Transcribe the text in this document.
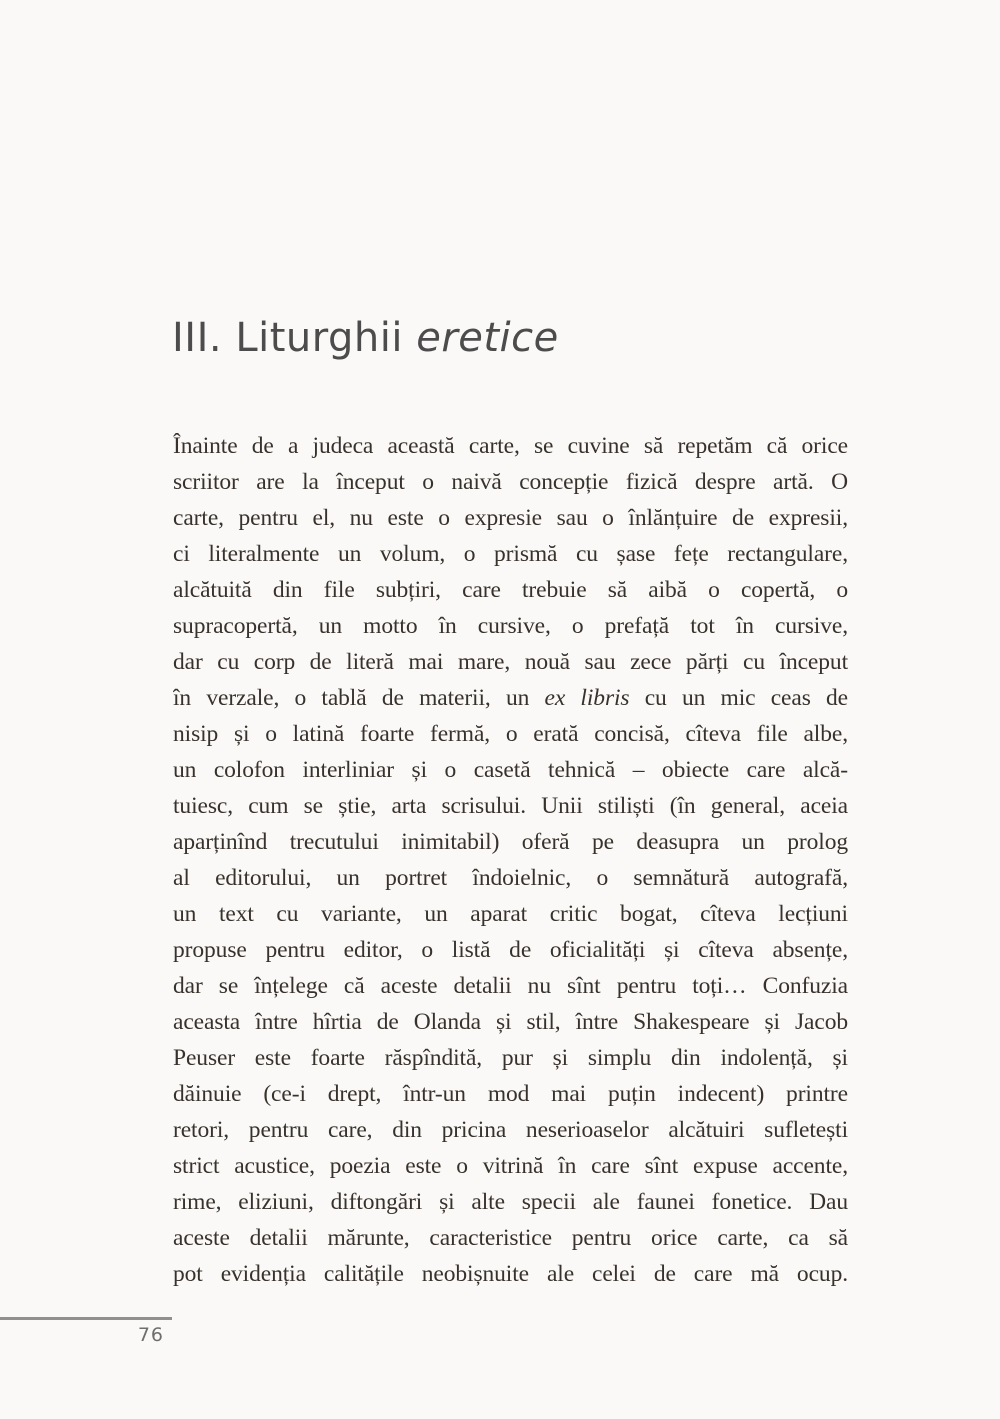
III. Liturghii eretice
Înainte de a judeca această carte, se cuvine să repetăm că orice
scriitor are la început o naivă concepție fizică despre artă. O
carte, pentru el, nu este o expresie sau o înlănțuire de expresii,
ci literalmente un volum, o prismă cu șase fețe rectangulare,
alcătuită din file subțiri, care trebuie să aibă o copertă, o
supracopertă, un motto în cursive, o prefață tot în cursive,
dar cu corp de literă mai mare, nouă sau zece părți cu început
în verzale, o tablă de materii, un ex libris cu un mic ceas de
nisip și o latină foarte fermă, o erată concisă, cîteva file albe,
un colofon interliniar și o casetă tehnică – obiecte care alcă-
tuiesc, cum se știe, arta scrisului. Unii stiliști (în general, aceia
aparținînd trecutului inimitabil) oferă pe deasupra un prolog
al editorului, un portret îndoielnic, o semnătură autografă,
un text cu variante, un aparat critic bogat, cîteva lecțiuni
propuse pentru editor, o listă de oficialități și cîteva absențe,
dar se înțelege că aceste detalii nu sînt pentru toți… Confuzia
aceasta între hîrtia de Olanda și stil, între Shakespeare și Jacob
Peuser este foarte răspîndită, pur și simplu din indolență, și
dăinuie (ce-i drept, într-un mod mai puțin indecent) printre
retori, pentru care, din pricina neserioaselor alcătuiri sufletești
strict acustice, poezia este o vitrină în care sînt expuse accente,
rime, eliziuni, diftongări și alte specii ale faunei fonetice. Dau
aceste detalii mărunte, caracteristice pentru orice carte, ca să
pot evidenția calitățile neobișnuite ale celei de care mă ocup.
76
